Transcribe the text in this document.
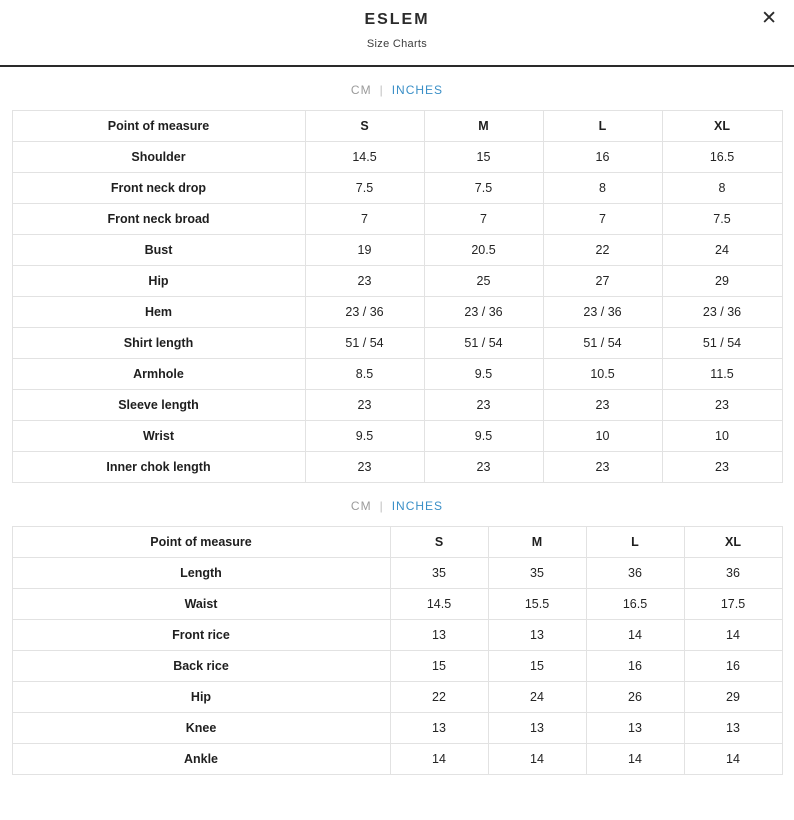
ESLEM
Size Charts
✕
CM | INCHES
Point of measure	S	M	L	XL
Shoulder	14.5	15	16	16.5
Front neck drop	7.5	7.5	8	8
Front neck broad	7	7	7	7.5
Bust	19	20.5	22	24
Hip	23	25	27	29
Hem	23 / 36	23 / 36	23 / 36	23 / 36
Shirt length	51 / 54	51 / 54	51 / 54	51 / 54
Armhole	8.5	9.5	10.5	11.5
Sleeve length	23	23	23	23
Wrist	9.5	9.5	10	10
Inner chok length	23	23	23	23
CM | INCHES
Point of measure	S	M	L	XL
Length	35	35	36	36
Waist	14.5	15.5	16.5	17.5
Front rice	13	13	14	14
Back rice	15	15	16	16
Hip	22	24	26	29
Knee	13	13	13	13
Ankle	14	14	14	14
